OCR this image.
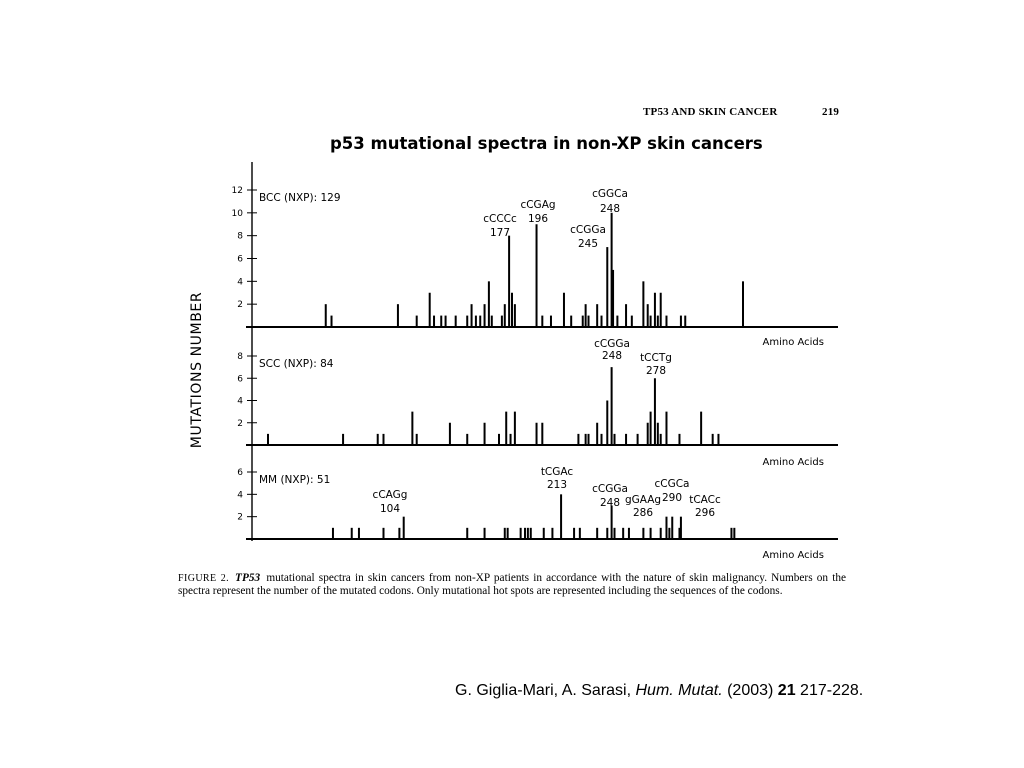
TP53 AND SKIN CANCER	219
p53 mutational spectra in non-XP skin cancers
MUTATIONS NUMBER	2
4
6
8
10
12
BCC (NXP): 129
Amino Acids
cCCCc
177
cCGAg
196
cCGGa
245
cGGCa
248
2
4
6
8
SCC (NXP): 84
Amino Acids
cCGGa
248 tCCTg
278
2
4
6
MM (NXP): 51
Amino Acids
cCAGg
104
tCGAc
213 cCGGa
248 gGAAg
286
cCGCa
290 tCACc
296
FIGURE 2. TP53 mutational spectra in skin cancers from non-XP patients in accordance with the nature of skin malignancy. Numbers on the spectra represent the number of the mutated codons. Only mutational hot spots are represented including the sequences of the codons.
G. Giglia-Mari, A. Sarasi, Hum. Mutat. (2003) 21 217-228.
